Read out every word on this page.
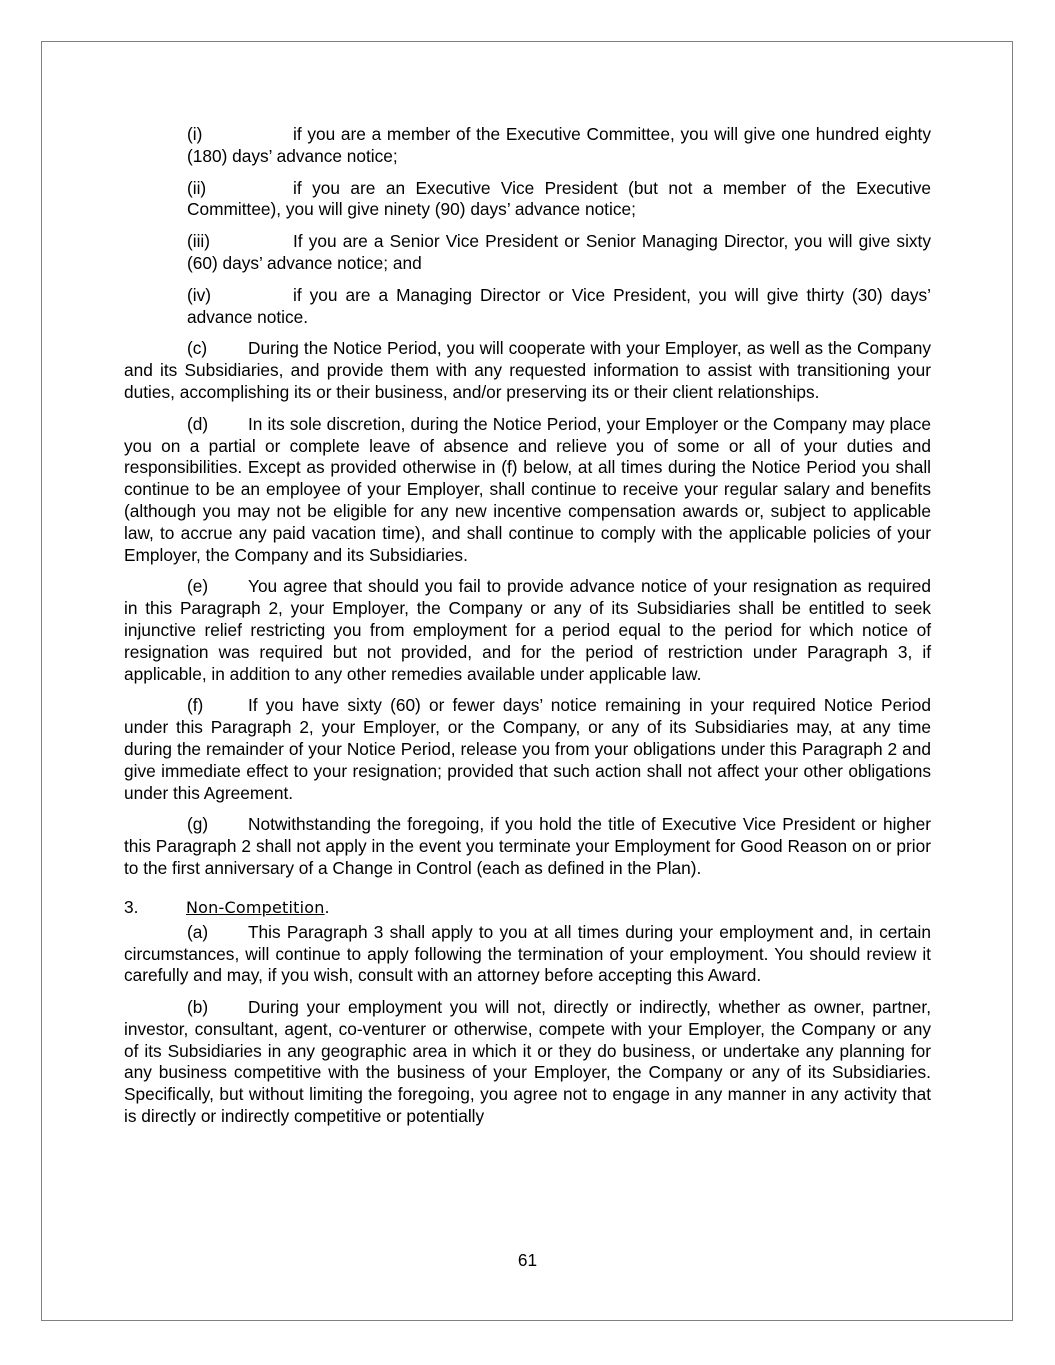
(i)	if you are a member of the Executive Committee, you will give one hundred eighty (180) days’ advance notice;
(ii)	if you are an Executive Vice President (but not a member of the Executive Committee), you will give ninety (90) days’ advance notice;
(iii)	If you are a Senior Vice President or Senior Managing Director, you will give sixty (60) days’ advance notice; and
(iv)	if you are a Managing Director or Vice President, you will give thirty (30) days’ advance notice.

(c) During the Notice Period, you will cooperate with your Employer, as well as the Company and its Subsidiaries, and provide them with any requested information to assist with transitioning your duties, accomplishing its or their business, and/or preserving its or their client relationships.

(d) In its sole discretion, during the Notice Period, your Employer or the Company may place you on a partial or complete leave of absence and relieve you of some or all of your duties and responsibilities. Except as provided otherwise in (f) below, at all times during the Notice Period you shall continue to be an employee of your Employer, shall continue to receive your regular salary and benefits (although you may not be eligible for any new incentive compensation awards or, subject to applicable law, to accrue any paid vacation time), and shall continue to comply with the applicable policies of your Employer, the Company and its Subsidiaries.

(e) You agree that should you fail to provide advance notice of your resignation as required in this Paragraph 2, your Employer, the Company or any of its Subsidiaries shall be entitled to seek injunctive relief restricting you from employment for a period equal to the period for which notice of resignation was required but not provided, and for the period of restriction under Paragraph 3, if applicable, in addition to any other remedies available under applicable law.

(f)	If you have sixty (60) or fewer days’ notice remaining in your required Notice Period under this Paragraph 2, your Employer, or the Company, or any of its Subsidiaries may, at any time during the remainder of your Notice Period, release you from your obligations under this Paragraph 2 and give immediate effect to your resignation; provided that such action shall not affect your other obligations under this Agreement.

(g) Notwithstanding the foregoing, if you hold the title of Executive Vice President or higher this Paragraph 2 shall not apply in the event you terminate your Employment for Good Reason on or prior to the first anniversary of a Change in Control (each as defined in the Plan).

3.	Non-Competition.

(a) This Paragraph 3 shall apply to you at all times during your employment and, in certain circumstances, will continue to apply following the termination of your employment. You should review it carefully and may, if you wish, consult with an attorney before accepting this Award.

(b) During your employment you will not, directly or indirectly, whether as owner, partner, investor, consultant, agent, co-venturer or otherwise, compete with your Employer, the Company or any of its Subsidiaries in any geographic area in which it or they do business, or undertake any planning for any business competitive with the business of your Employer, the Company or any of its Subsidiaries. Specifically, but without limiting the foregoing, you agree not to engage in any manner in any activity that is directly or indirectly competitive or potentially

61
